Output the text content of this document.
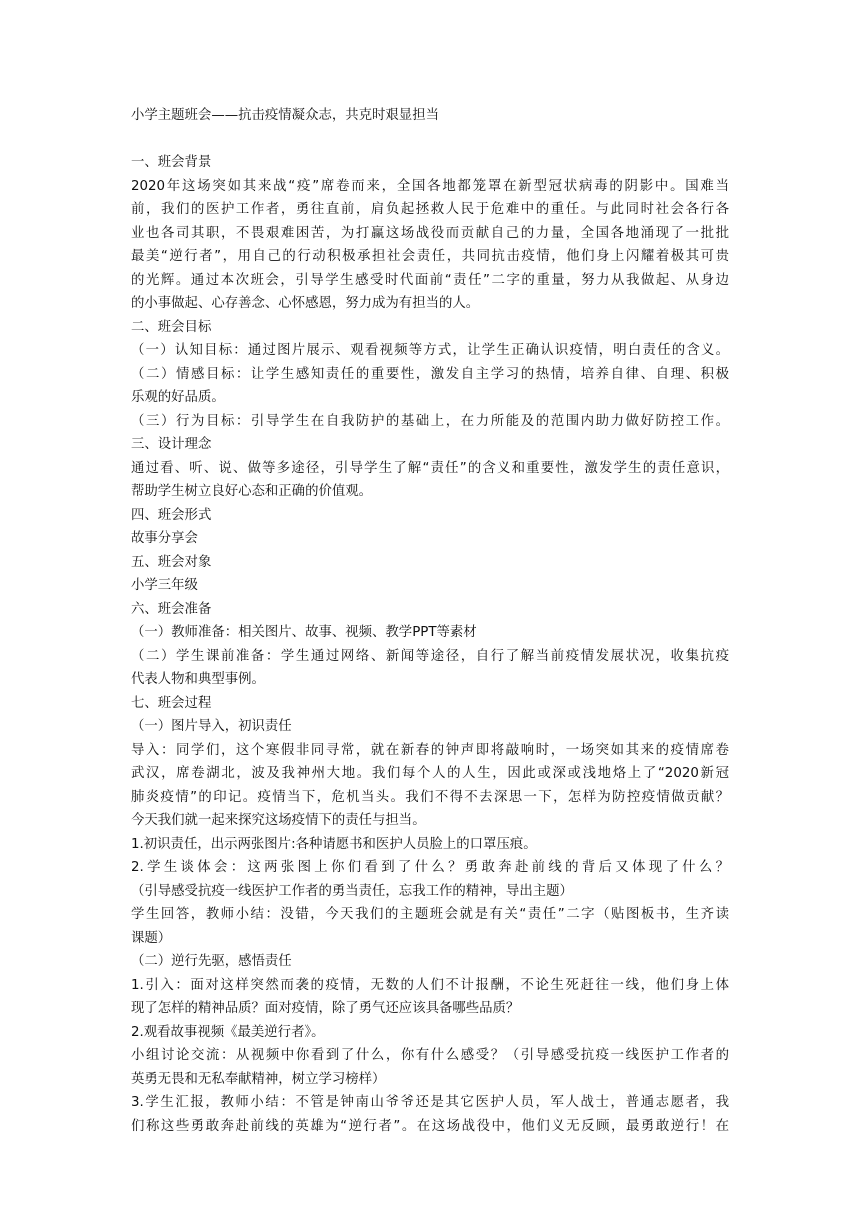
小学主题班会——抗击疫情凝众志，共克时艰显担当
一、班会背景
2020年这场突如其来战“疫”席卷而来，全国各地都笼罩在新型冠状病毒的阴影中。国难当
前，我们的医护工作者，勇往直前，肩负起拯救人民于危难中的重任。与此同时社会各行各
业也各司其职，不畏艰难困苦，为打赢这场战役而贡献自己的力量，全国各地涌现了一批批
最美“逆行者”，用自己的行动积极承担社会责任，共同抗击疫情，他们身上闪耀着极其可贵
的光辉。通过本次班会，引导学生感受时代面前“责任”二字的重量，努力从我做起、从身边
的小事做起、心存善念、心怀感恩，努力成为有担当的人。
二、班会目标
（一）认知目标：通过图片展示、观看视频等方式，让学生正确认识疫情，明白责任的含义。
（二）情感目标：让学生感知责任的重要性，激发自主学习的热情，培养自律、自理、积极
乐观的好品质。
（三）行为目标：引导学生在自我防护的基础上，在力所能及的范围内助力做好防控工作。
三、设计理念
通过看、听、说、做等多途径，引导学生了解“责任”的含义和重要性，激发学生的责任意识，
帮助学生树立良好心态和正确的价值观。
四、班会形式
故事分享会
五、班会对象
小学三年级
六、班会准备
（一）教师准备：相关图片、故事、视频、教学PPT等素材
（二）学生课前准备：学生通过网络、新闻等途径，自行了解当前疫情发展状况，收集抗疫
代表人物和典型事例。
七、班会过程
（一）图片导入，初识责任
导入：同学们，这个寒假非同寻常，就在新春的钟声即将敲响时，一场突如其来的疫情席卷
武汉，席卷湖北，波及我神州大地。我们每个人的人生，因此或深或浅地烙上了“2020新冠
肺炎疫情”的印记。疫情当下，危机当头。我们不得不去深思一下，怎样为防控疫情做贡献？
今天我们就一起来探究这场疫情下的责任与担当。
1.初识责任，出示两张图片:各种请愿书和医护人员脸上的口罩压痕。
2.学生谈体会：这两张图上你们看到了什么？勇敢奔赴前线的背后又体现了什么？
（引导感受抗疫一线医护工作者的勇当责任，忘我工作的精神，导出主题）
学生回答，教师小结：没错，今天我们的主题班会就是有关“责任”二字（贴图板书，生齐读
课题）
（二）逆行先驱，感悟责任
1.引入：面对这样突然而袭的疫情，无数的人们不计报酬，不论生死赶往一线，他们身上体
现了怎样的精神品质？面对疫情，除了勇气还应该具备哪些品质？
2.观看故事视频《最美逆行者》。
小组讨论交流：从视频中你看到了什么，你有什么感受？（引导感受抗疫一线医护工作者的
英勇无畏和无私奉献精神，树立学习榜样）
3.学生汇报，教师小结：不管是钟南山爷爷还是其它医护人员，军人战士，普通志愿者，我
们称这些勇敢奔赴前线的英雄为“逆行者”。在这场战役中，他们义无反顾，最勇敢逆行！在
